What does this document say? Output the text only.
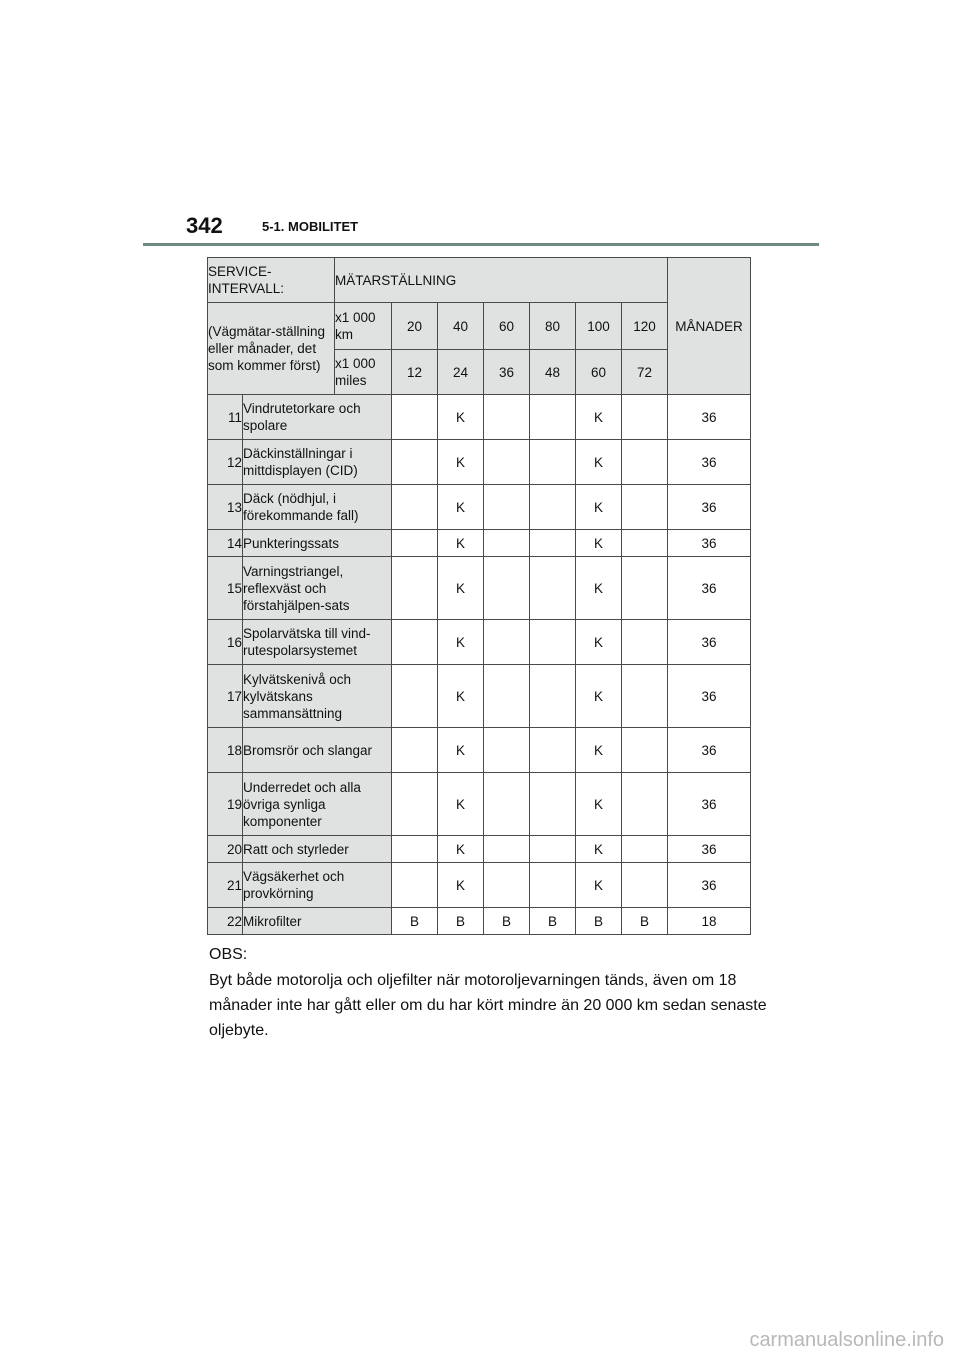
342	5-1. MOBILITET
SERVICE-INTERVALL:		MÄTARSTÄLLNING							MÅNADER
(Vägmätar-ställning eller månader, det som kommer först)		x1 000 km	20	40	60	80	100	120	
		x1 000 miles	12	24	36	48	60	72	
11	Vindrutetorkare och spolare			K			K		36
12	Däckinställningar i mittdisplayen (CID)			K			K		36
13	Däck (nödhjul, i förekommande fall)			K			K		36
14	Punkteringssats			K			K		36
15	Varningstriangel, reflexväst och förstahjälpen-sats			K			K		36
16	Spolarvätska till vind-rutespolarsystemet			K			K		36
17	Kylvätskenivå och kylvätskans sammansättning			K			K		36
18	Bromsrör och slangar			K			K		36
19	Underredet och alla övriga synliga komponenter			K			K		36
20	Ratt och styrleder			K			K		36
21	Vägsäkerhet och provkörning			K			K		36
22	Mikrofilter		B	B	B	B	B	B	18
OBS:
Byt både motorolja och oljefilter när motoroljevarningen tänds, även om 18 månader inte har gått eller om du har kört mindre än 20 000 km sedan senaste oljebyte.
carmanualsonline.info
